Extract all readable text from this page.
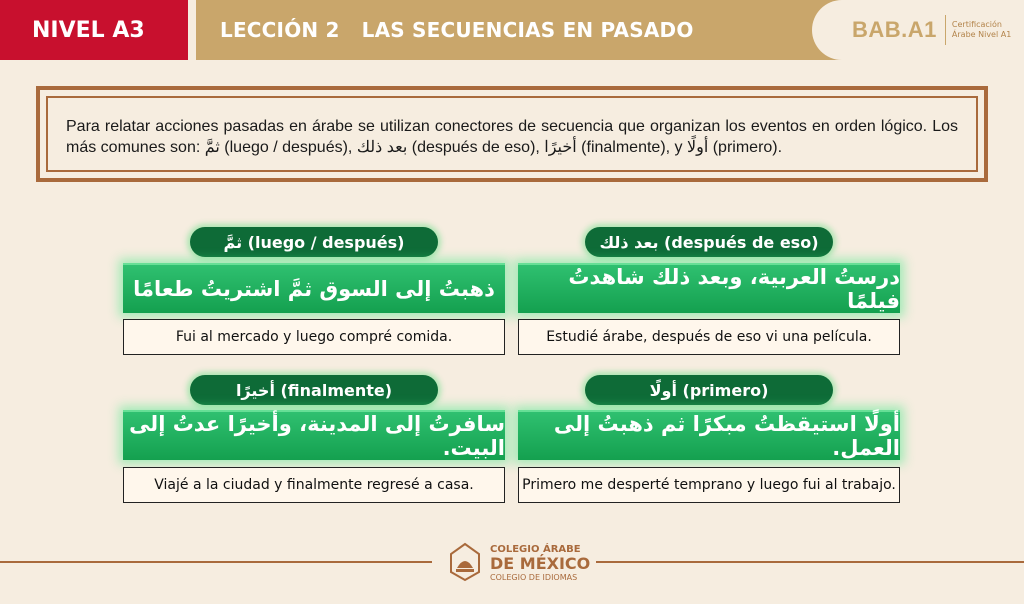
NIVEL A3	LECCIÓN 2 LAS SECUENCIAS EN PASADO	BAB.A1 Certificación
Árabe Nivel A1
Para relatar acciones pasadas en árabe se utilizan conectores de secuencia que organizan los eventos en orden lógico. Los más comunes son: ثمَّ (luego / después), بعد ذلك (después de eso), أخيرًا (finalmente), y أولًا (primero).
ثمَّ (luego / después)
ذهبتُ إلى السوق ثمَّ اشتريتُ طعامًا
Fui al mercado y luego compré comida.
بعد ذلك (después de eso)
درستُ العربية، وبعد ذلك شاهدتُ فيلمًا
Estudié árabe, después de eso vi una película.
أخيرًا (finalmente)
سافرتُ إلى المدينة، وأخيرًا عدتُ إلى البيت.
Viajé a la ciudad y finalmente regresé a casa.
أولًا (primero)
أولًا استيقظتُ مبكرًا ثم ذهبتُ إلى العمل.
Primero me desperté temprano y luego fui al trabajo.
COLEGIO ÁRABE
DE MÉXICO
COLEGIO DE IDIOMAS
